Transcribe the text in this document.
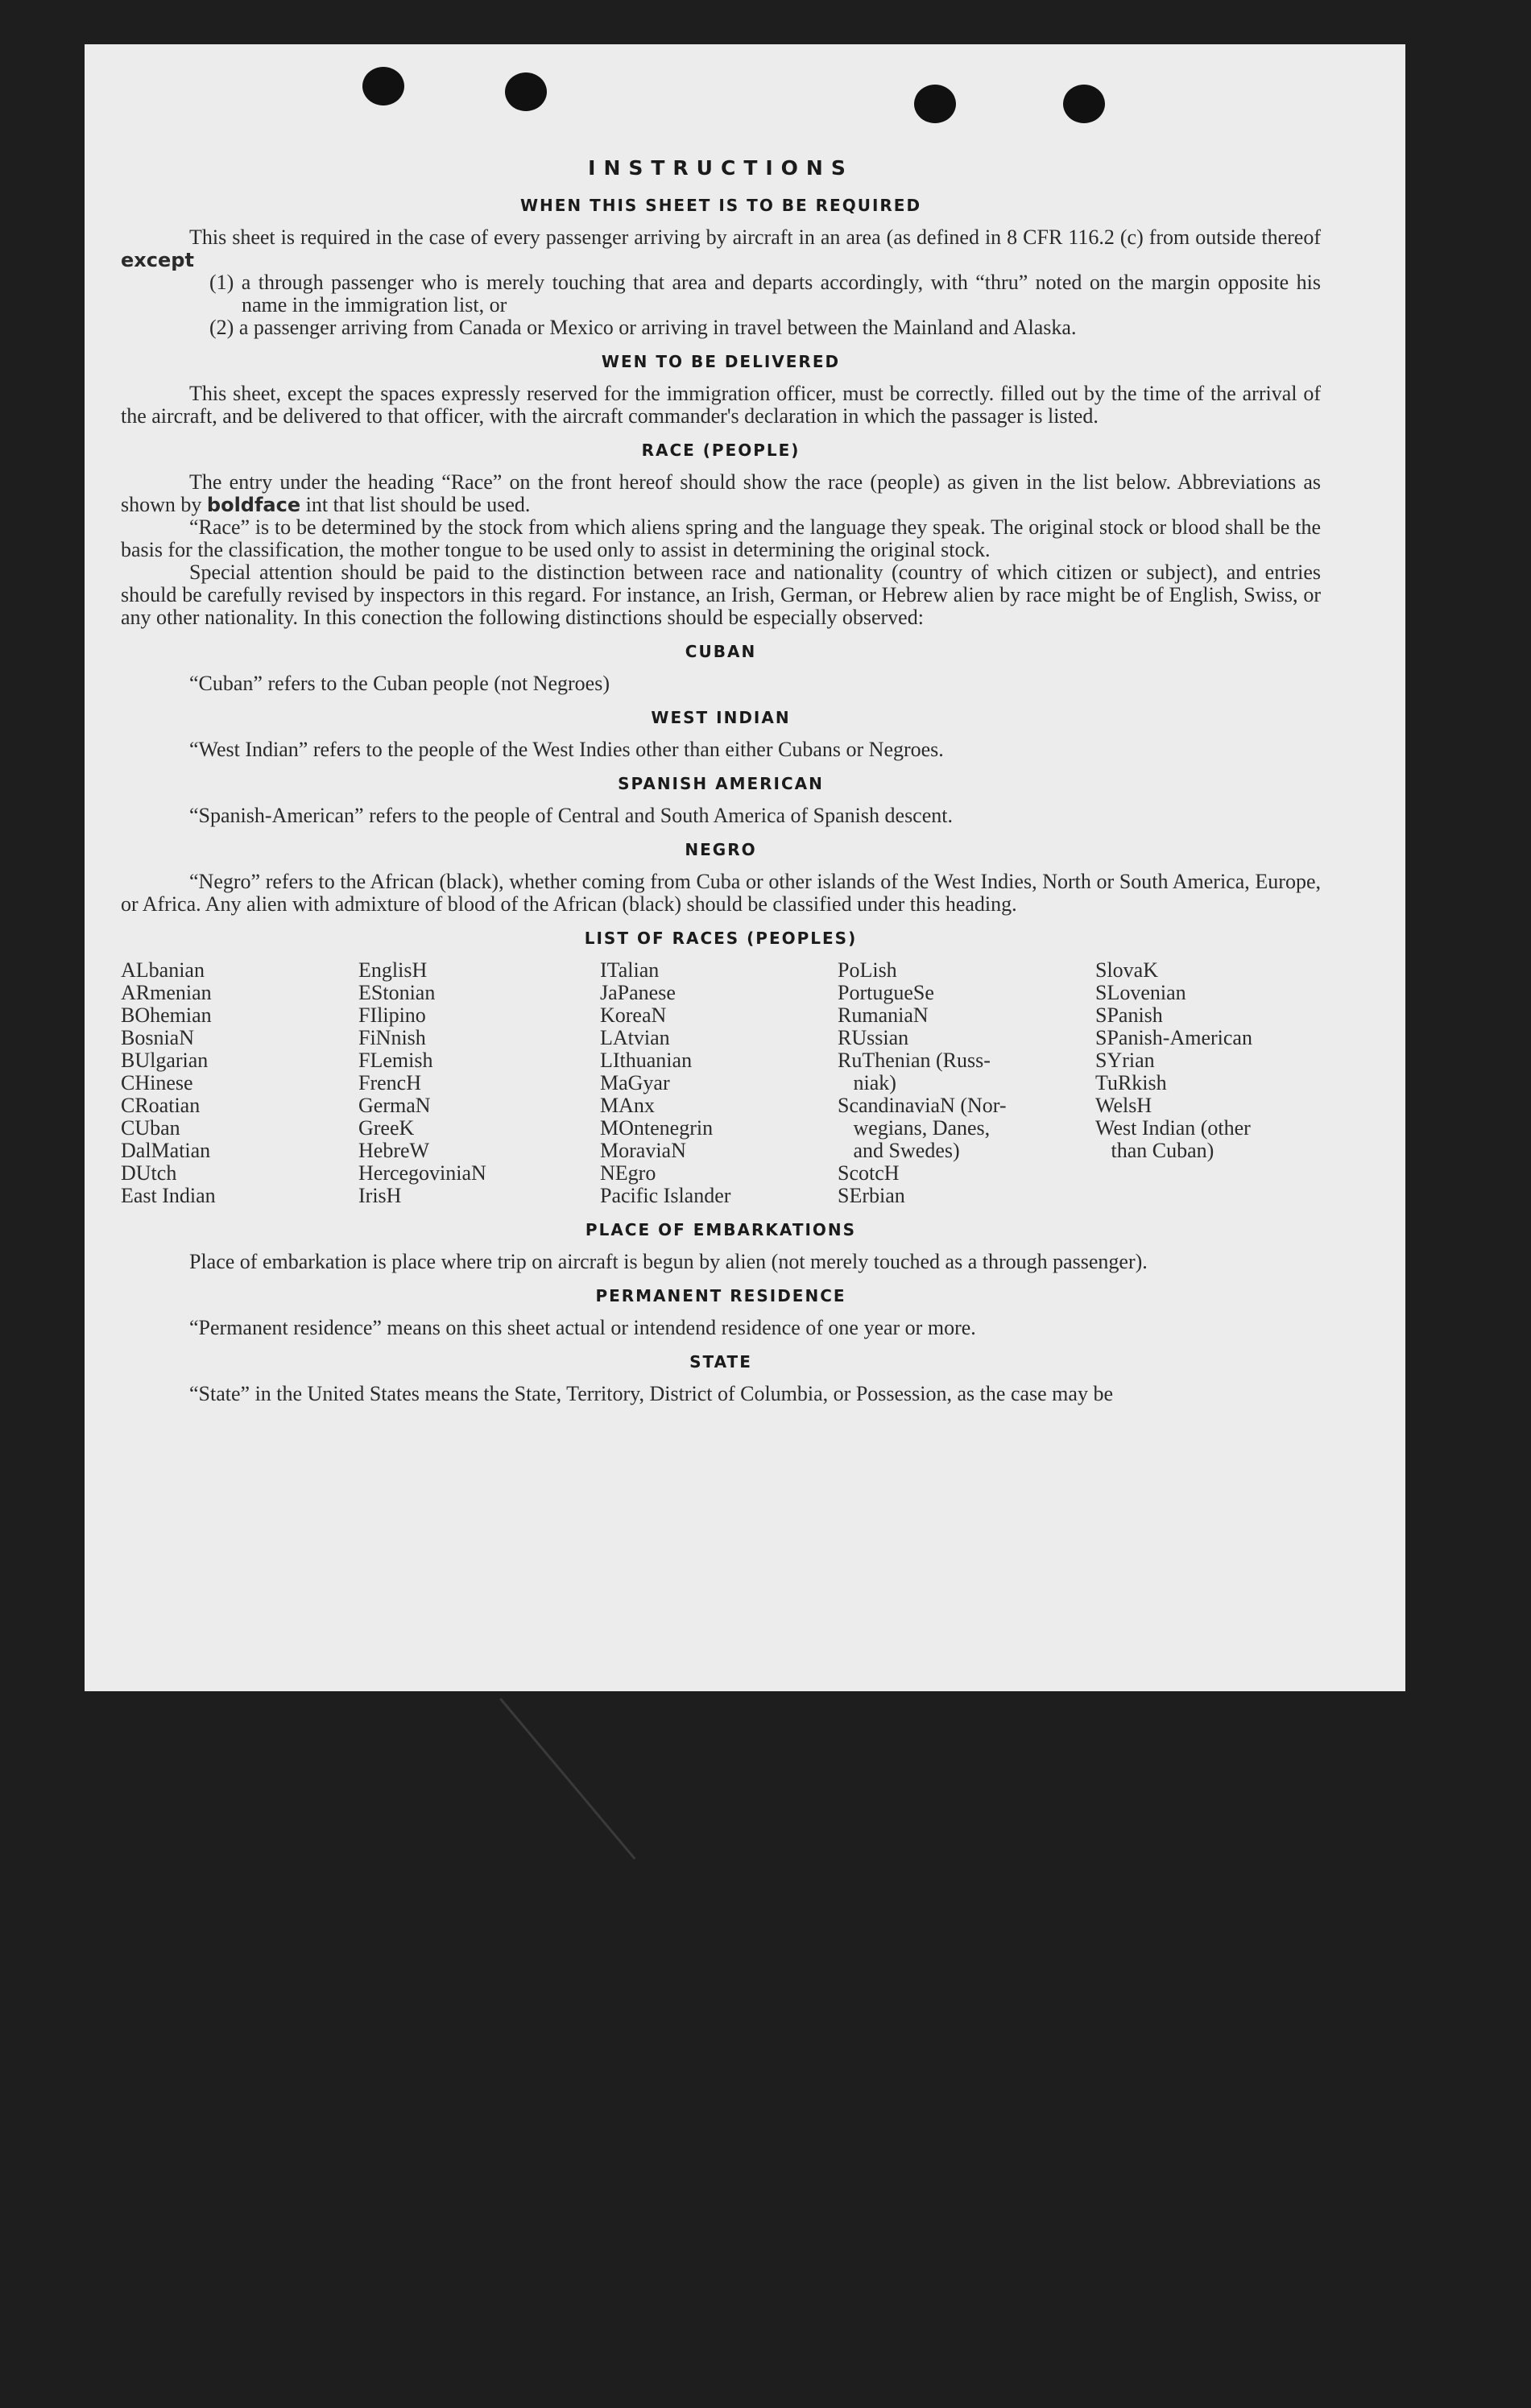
INSTRUCTIONS
WHEN THIS SHEET IS TO BE REQUIRED

This sheet is required in the case of every passenger arriving by aircraft in an area (as defined in 8 CFR 116.2 (c) from outside thereof except

(1) a through passenger who is merely touching that area and departs accordingly, with “thru” noted on the margin opposite his name in the immigration list, or

(2) a passenger arriving from Canada or Mexico or arriving in travel between the Mainland and Alaska.

WEN TO BE DELIVERED

This sheet, except the spaces expressly reserved for the immigration officer, must be correctly. filled out by the time of the arrival of the aircraft, and be delivered to that officer, with the aircraft commander's declaration in which the passager is listed.

RACE (PEOPLE)

The entry under the heading “Race” on the front hereof should show the race (people) as given in the list below. Abbreviations as shown by boldface int that list should be used.

“Race” is to be determined by the stock from which aliens spring and the language they speak. The original stock or blood shall be the basis for the classification, the mother tongue to be used only to assist in determining the original stock.

Special attention should be paid to the distinction between race and nationality (country of which citizen or subject), and entries should be carefully revised by inspectors in this regard. For instance, an Irish, German, or Hebrew alien by race might be of English, Swiss, or any other nationality. In this conection the following distinctions should be especially observed:

CUBAN

“Cuban” refers to the Cuban people (not Negroes)

WEST INDIAN

“West Indian” refers to the people of the West Indies other than either Cubans or Negroes.

SPANISH AMERICAN

“Spanish-American” refers to the people of Central and South America of Spanish descent.

NEGRO

“Negro” refers to the African (black), whether coming from Cuba or other islands of the West Indies, North or South America, Europe, or Africa. Any alien with admixture of blood of the African (black) should be classified under this heading.

LIST OF RACES (PEOPLES)
ALbanian
ARmenian
BOhemian
BosniaN
BUlgarian
CHinese
CRoatian
CUban
DalMatian
DUtch
East Indian
EnglisH
EStonian
FIlipino
FiNnish
FLemish
FrencH
GermaN
GreeK
HebreW
HercegoviniaN
IrisH
ITalian
JaPanese
KoreaN
LAtvian
LIthuanian
MaGyar
MAnx
MOntenegrin
MoraviaN
NEgro
Pacific Islander
PoLish
PortugueSe
RumaniaN
RUssian
RuThenian (Russ-
niak)
ScandinaviaN (Nor-
wegians, Danes,
and Swedes)
ScotcH
SErbian
SlovaK
SLovenian
SPanish
SPanish-American
SYrian
TuRkish
WelsH
West Indian (other
than Cuban)
PLACE OF EMBARKATIONS

Place of embarkation is place where trip on aircraft is begun by alien (not merely touched as a through passenger).

PERMANENT RESIDENCE

“Permanent residence” means on this sheet actual or intendend residence of one year or more.

STATE

“State” in the United States means the State, Territory, District of Columbia, or Possession, as the case may be
